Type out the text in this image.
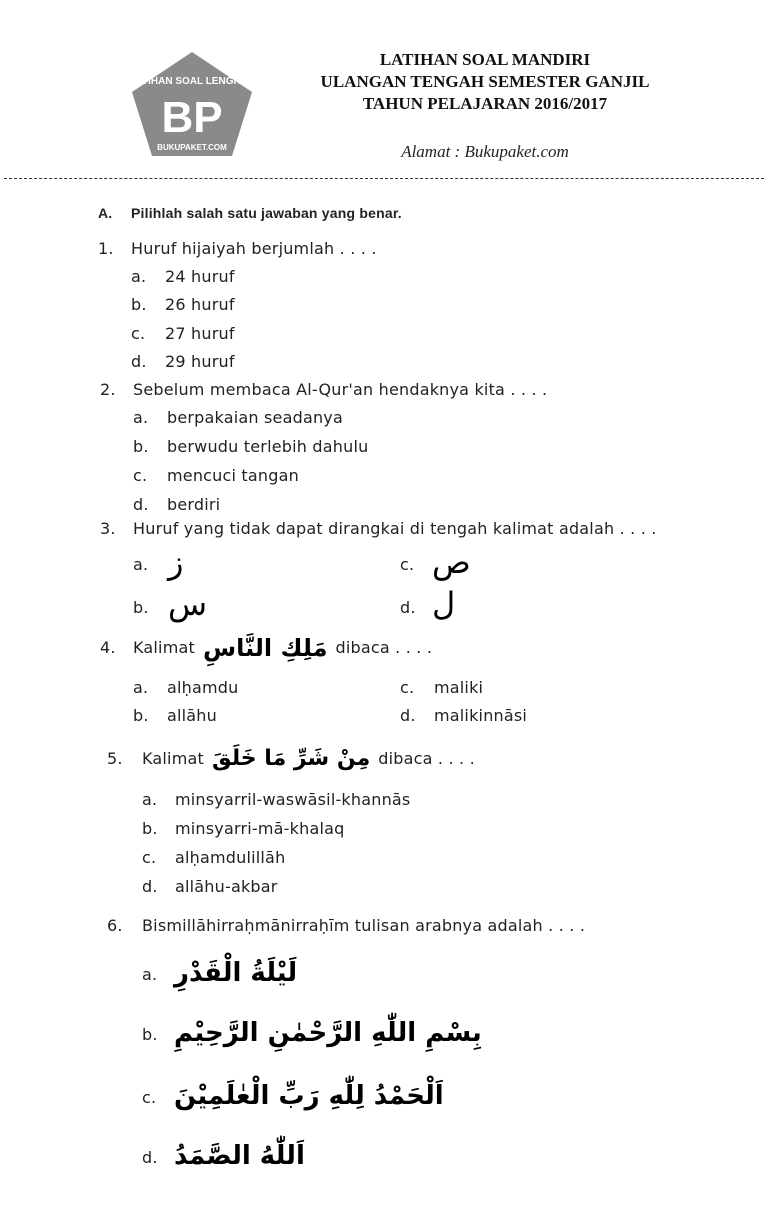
LATIHAN SOAL LENGKAP
BP
BUKUPAKET.COM
LATIHAN SOAL MANDIRI
ULANGAN TENGAH SEMESTER GANJIL
TAHUN PELAJARAN 2016/2017
Alamat : Bukupaket.com
A. Pilihlah salah satu jawaban yang benar.
1. Huruf hijaiyah berjumlah . . . .
a. 24 huruf
b. 26 huruf
c. 27 huruf
d. 29 huruf
2. Sebelum membaca Al-Qur'an hendaknya kita . . . .
a. berpakaian seadanya
b. berwudu terlebih dahulu
c. mencuci tangan
d. berdiri
3. Huruf yang tidak dapat dirangkai di tengah kalimat adalah . . . .
a. ز
b. س
c. ص
d. ل
4. Kalimat مَلِكِ النَّاسِ dibaca . . . .
a. alḥamdu
b. allāhu
c. maliki
d. malikinnāsi
5. Kalimat مِنْ شَرِّ مَا خَلَقَ dibaca . . . .
a. minsyarril-waswāsil-khannās
b. minsyarri-mā-khalaq
c. alḥamdulillāh
d. allāhu-akbar
6. Bismillāhirraḥmānirraḥīm tulisan arabnya adalah . . . .
a. لَيْلَةُ الْقَدْرِ
b. بِسْمِ اللّٰهِ الرَّحْمٰنِ الرَّحِيْمِ
c. اَلْحَمْدُ لِلّٰهِ رَبِّ الْعٰلَمِيْنَ
d. اَللّٰهُ الصَّمَدُ
